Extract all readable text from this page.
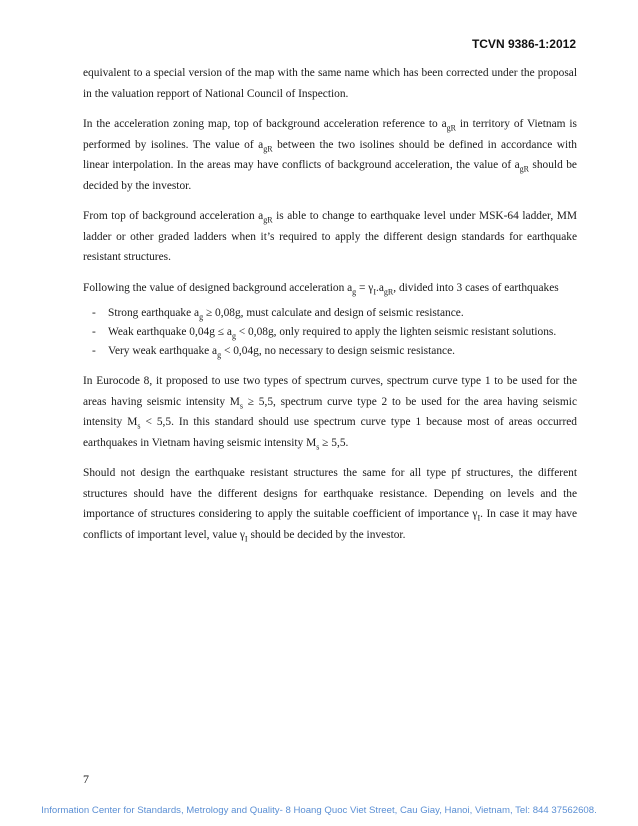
TCVN 9386-1:2012

equivalent to a special version of the map with the same name which has been corrected under the proposal in the valuation repport of National Council of Inspection.

In the acceleration zoning map, top of background acceleration reference to $a_{gR}$ in territory of Vietnam is performed by isolines. The value of $a_{gR}$ between the two isolines should be defined in accordance with linear interpolation. In the areas may have conflicts of background acceleration, the value of $a_{gR}$ should be decided by the investor.

From top of background acceleration $a_{gR}$ is able to change to earthquake level under MSK-64 ladder, MM ladder or other graded ladders when it’s required to apply the different design standards for earthquake resistant structures.

Following the value of designed background acceleration $a_g = \gamma_I.a_{gR}$, divided into 3 cases of earthquakes

- Strong earthquake $a_g \ge 0,08g$, must calculate and design of seismic resistance.
- Weak earthquake $0,04g \le a_g < 0,08g$, only required to apply the lighten seismic resistant solutions.
- Very weak earthquake $a_g < 0,04g$, no necessary to design seismic resistance.

In Eurocode 8, it proposed to use two types of spectrum curves, spectrum curve type 1 to be used for the areas having seismic intensity $M_s \ge 5,5$, spectrum curve type 2 to be used for the area having seismic intensity $M_s < 5,5$. In this standard should use spectrum curve type 1 because most of areas occurred earthquakes in Vietnam having seismic intensity $M_s \ge 5,5$.

Should not design the earthquake resistant structures the same for all type pf structures, the different structures should have the different designs for earthquake resistance. Depending on levels and the importance of structures considering to apply the suitable coefficient of importance $\gamma_I$. In case it may have conflicts of important level, value $\gamma_I$ should be decided by the investor.

7
Information Center for Standards, Metrology and Quality- 8 Hoang Quoc Viet Street, Cau Giay, Hanoi, Vietnam, Tel: 844 37562608.
